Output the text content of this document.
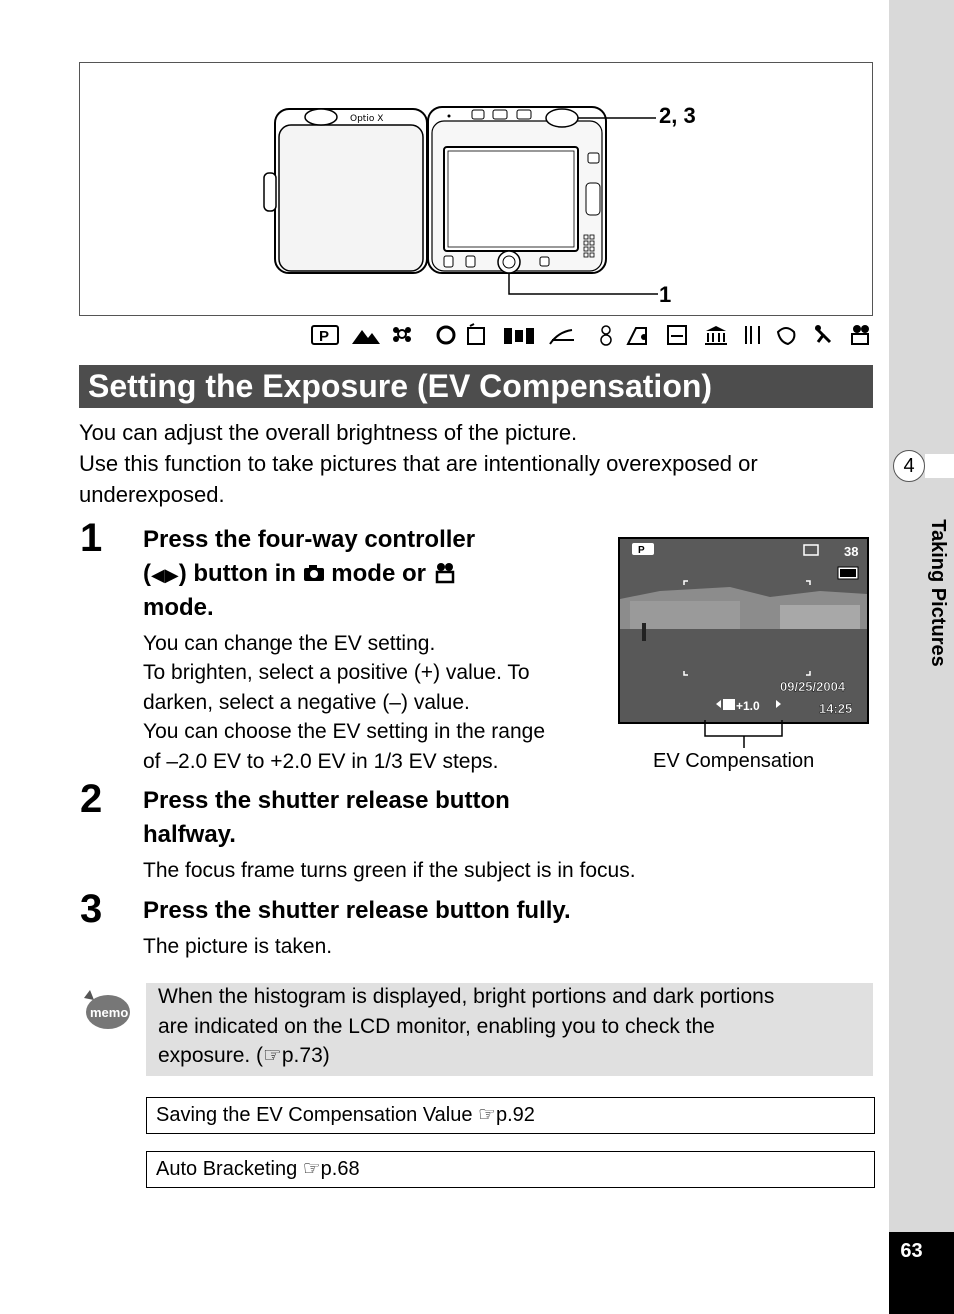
4
Taking Pictures
63
Optio X	2, 3
1
P
Setting the Exposure (EV Compensation)
You can adjust the overall brightness of the picture.
Use this function to take pictures that are intentionally overexposed or
underexposed.
1 Press the four-way controller
(◀▶) button in  mode or
mode.
You can change the EV setting.
To brighten, select a positive (+) value. To
darken, select a negative (–) value.
You can choose the EV setting in the range
of –2.0 EV to +2.0 EV in 1/3 EV steps.
P	38
09/25/2004
14:25
+1.0
EV Compensation
2 Press the shutter release button
halfway.
The focus frame turns green if the subject is in focus.
3 Press the shutter release button fully.
The picture is taken.
memo
When the histogram is displayed, bright portions and dark portions
are indicated on the LCD monitor, enabling you to check the
exposure. (☞p.73)
Saving the EV Compensation Value ☞p.92
Auto Bracketing ☞p.68
